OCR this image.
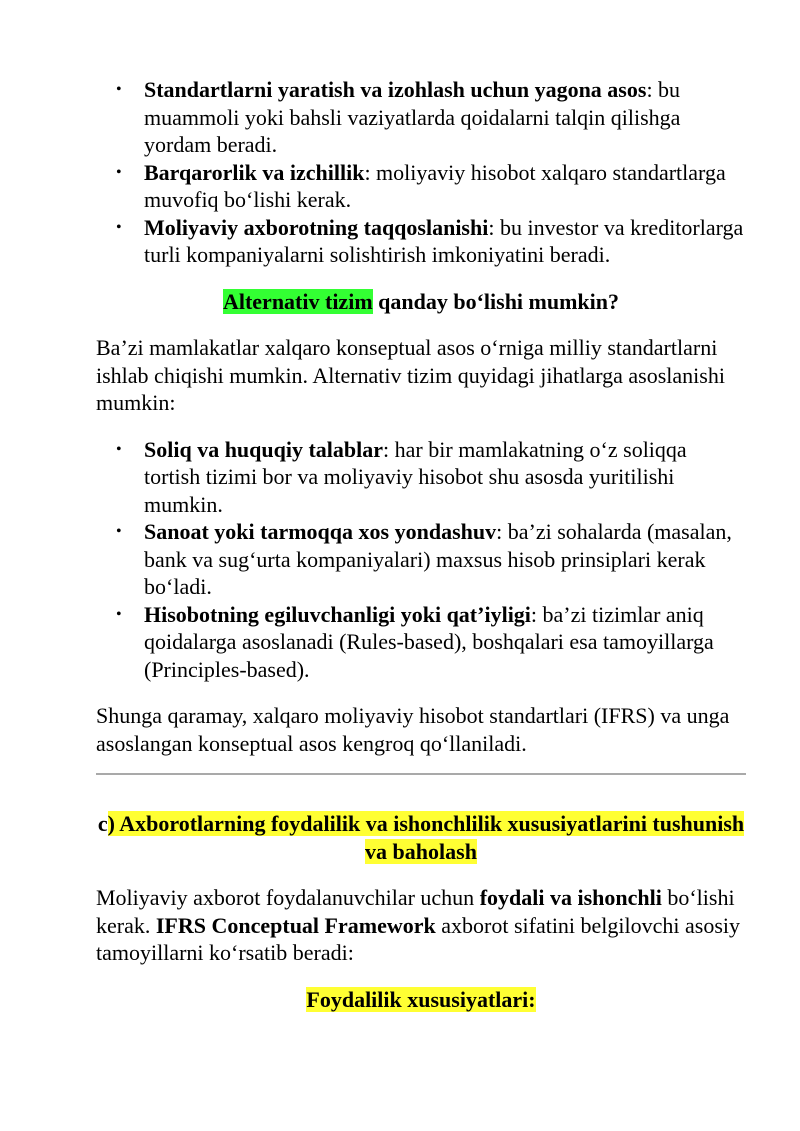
• Standartlarni yaratish va izohlash uchun yagona asos: bu muammoli yoki bahsli vaziyatlarda qoidalarni talqin qilishga yordam beradi.
• Barqarorlik va izchillik: moliyaviy hisobot xalqaro standartlarga muvofiq bo‘lishi kerak.
• Moliyaviy axborotning taqqoslanishi: bu investor va kreditorlarga turli kompaniyalarni solishtirish imkoniyatini beradi.

Alternativ tizim qanday bo‘lishi mumkin?

Ba’zi mamlakatlar xalqaro konseptual asos o‘rniga milliy standartlarni ishlab chiqishi mumkin. Alternativ tizim quyidagi jihatlarga asoslanishi mumkin:

• Soliq va huquqiy talablar: har bir mamlakatning o‘z soliqqa tortish tizimi bor va moliyaviy hisobot shu asosda yuritilishi mumkin.
• Sanoat yoki tarmoqqa xos yondashuv: ba’zi sohalarda (masalan, bank va sug‘urta kompaniyalari) maxsus hisob prinsiplari kerak bo‘ladi.
• Hisobotning egiluvchanligi yoki qat’iyligi: ba’zi tizimlar aniq qoidalarga asoslanadi (Rules-based), boshqalari esa tamoyillarga (Principles-based).

Shunga qaramay, xalqaro moliyaviy hisobot standartlari (IFRS) va unga asoslangan konseptual asos kengroq qo‘llaniladi.

c) Axborotlarning foydalilik va ishonchlilik xususiyatlarini tushunish va baholash

Moliyaviy axborot foydalanuvchilar uchun foydali va ishonchli bo‘lishi kerak. IFRS Conceptual Framework axborot sifatini belgilovchi asosiy tamoyillarni ko‘rsatib beradi:

Foydalilik xususiyatlari:
